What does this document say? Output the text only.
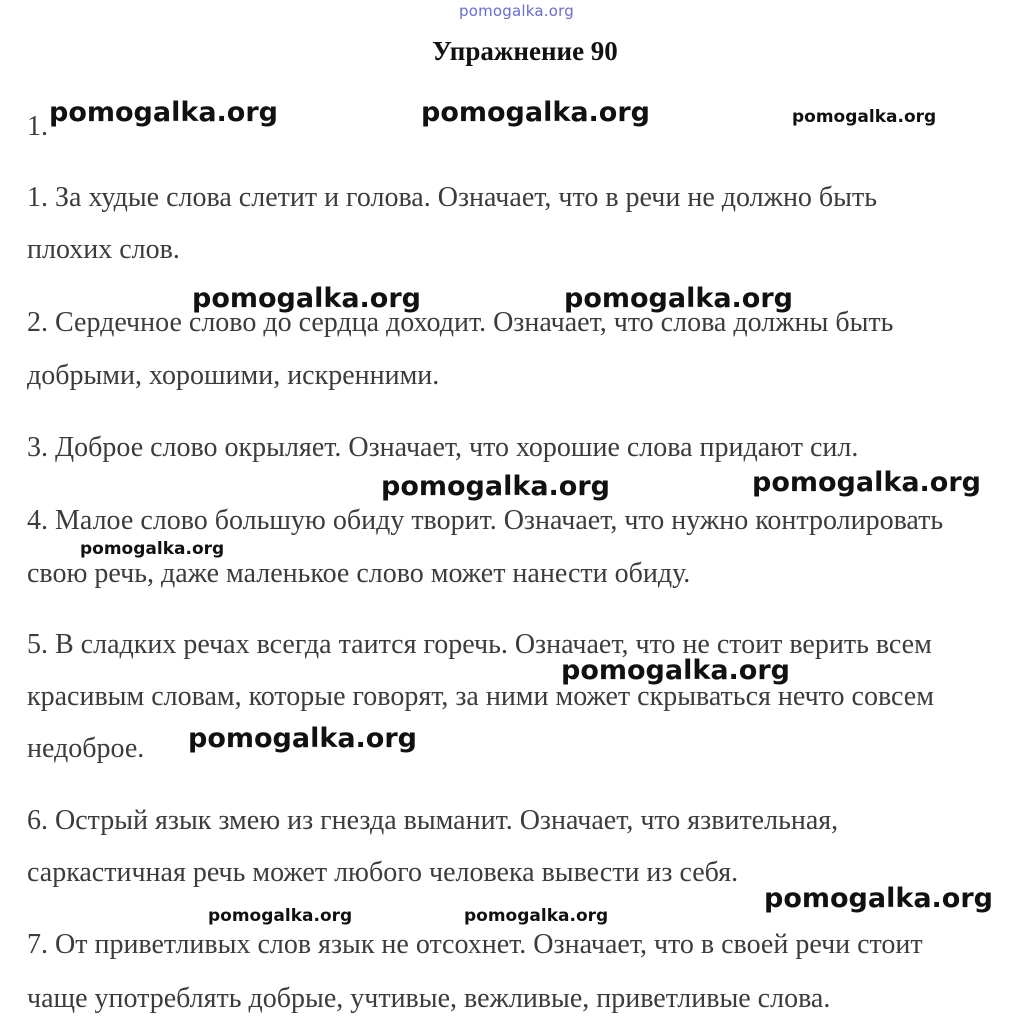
pomogalka.org
Упражнение 90
1.
1. За худые слова слетит и голова. Означает, что в речи не должно быть
плохих слов.
2. Сердечное слово до сердца доходит. Означает, что слова должны быть
добрыми, хорошими, искренними.
3. Доброе слово окрыляет. Означает, что хорошие слова придают сил.
4. Малое слово большую обиду творит. Означает, что нужно контролировать
свою речь, даже маленькое слово может нанести обиду.
5. В сладких речах всегда таится горечь. Означает, что не стоит верить всем
красивым словам, которые говорят, за ними может скрываться нечто совсем
недоброе.
6. Острый язык змею из гнезда выманит. Означает, что язвительная,
саркастичная речь может любого человека вывести из себя.
7. От приветливых слов язык не отсохнет. Означает, что в своей речи стоит
чаще употреблять добрые, учтивые, вежливые, приветливые слова.
pomogalka.org	pomogalka.org	pomogalka.org
pomogalka.org	pomogalka.org
pomogalka.org	pomogalka.org
pomogalka.org
pomogalka.org
pomogalka.org
pomogalka.org
pomogalka.org	pomogalka.org
